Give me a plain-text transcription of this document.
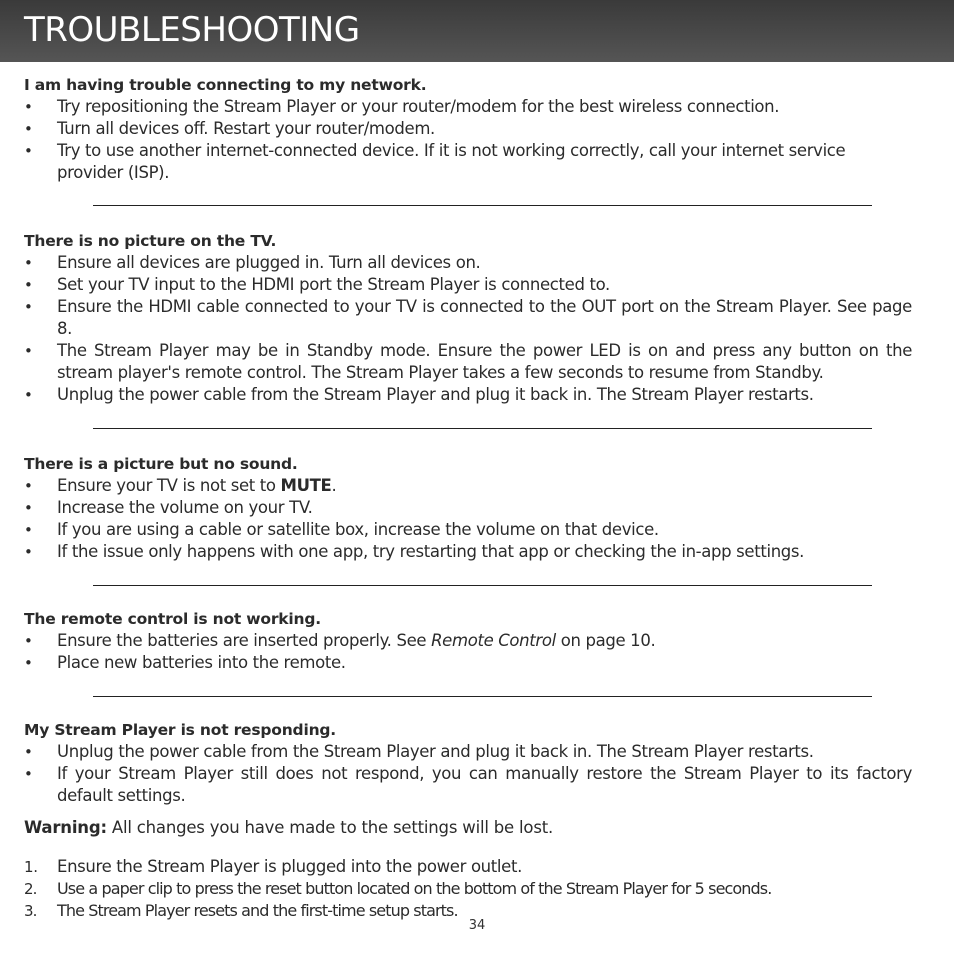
TROUBLESHOOTING

I am having trouble connecting to my network.

• Try repositioning the Stream Player or your router/modem for the best wireless connection.
• Turn all devices off. Restart your router/modem.
• Try to use another internet-connected device. If it is not working correctly, call your internet service provider (ISP).

There is no picture on the TV.

• Ensure all devices are plugged in. Turn all devices on.
• Set your TV input to the HDMI port the Stream Player is connected to.
• Ensure the HDMI cable connected to your TV is connected to the OUT port on the Stream Player. See page 8.
• The Stream Player may be in Standby mode. Ensure the power LED is on and press any button on the stream player's remote control. The Stream Player takes a few seconds to resume from Standby.
• Unplug the power cable from the Stream Player and plug it back in. The Stream Player restarts.

There is a picture but no sound.

• Ensure your TV is not set to MUTE.
• Increase the volume on your TV.
• If you are using a cable or satellite box, increase the volume on that device.
• If the issue only happens with one app, try restarting that app or checking the in-app settings.

The remote control is not working.

• Ensure the batteries are inserted properly. See Remote Control on page 10.
• Place new batteries into the remote.

My Stream Player is not responding.

• Unplug the power cable from the Stream Player and plug it back in. The Stream Player restarts.
• If your Stream Player still does not respond, you can manually restore the Stream Player to its factory default settings.

Warning: All changes you have made to the settings will be lost.

1. Ensure the Stream Player is plugged into the power outlet.
2. Use a paper clip to press the reset button located on the bottom of the Stream Player for 5 seconds.
3. The Stream Player resets and the first-time setup starts.
34
